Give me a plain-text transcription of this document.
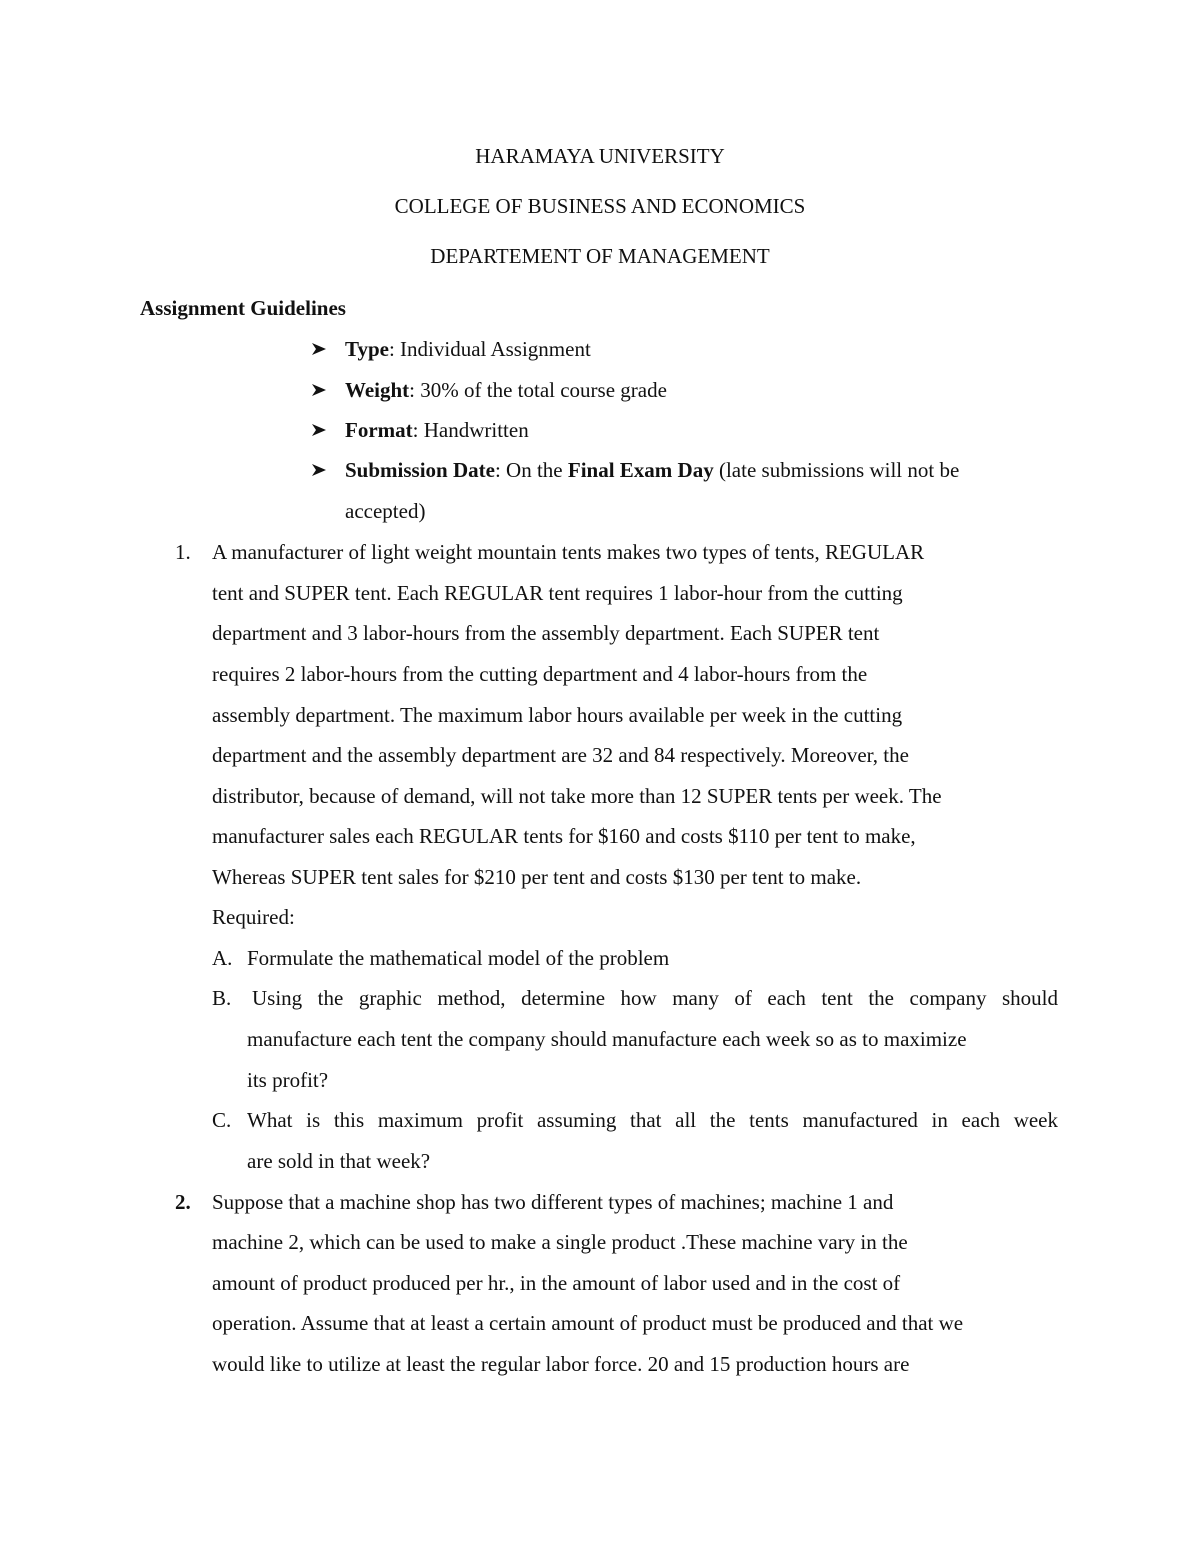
HARAMAYA UNIVERSITY
COLLEGE OF BUSINESS AND ECONOMICS
DEPARTEMENT OF MANAGEMENT
Assignment Guidelines
Type: Individual Assignment
Weight: 30% of the total course grade
Format: Handwritten
Submission Date: On the Final Exam Day (late submissions will not be
accepted)
1. A manufacturer of light weight mountain tents makes two types of tents, REGULAR
tent and SUPER tent. Each REGULAR tent requires 1 labor-hour from the cutting
department and 3 labor-hours from the assembly department. Each SUPER tent
requires 2 labor-hours from the cutting department and 4 labor-hours from the
assembly department. The maximum labor hours available per week in the cutting
department and the assembly department are 32 and 84 respectively. Moreover, the
distributor, because of demand, will not take more than 12 SUPER tents per week. The
manufacturer sales each REGULAR tents for $160 and costs $110 per tent to make,
Whereas SUPER tent sales for $210 per tent and costs $130 per tent to make.
Required:
A. Formulate the mathematical model of the problem
B. Using the graphic method, determine how many of each tent the company should
manufacture each tent the company should manufacture each week so as to maximize
its profit?
C. What is this maximum profit assuming that all the tents manufactured in each week
are sold in that week?
2. Suppose that a machine shop has two different types of machines; machine 1 and
machine 2, which can be used to make a single product .These machine vary in the
amount of product produced per hr., in the amount of labor used and in the cost of
operation. Assume that at least a certain amount of product must be produced and that we
would like to utilize at least the regular labor force. 20 and 15 production hours are
